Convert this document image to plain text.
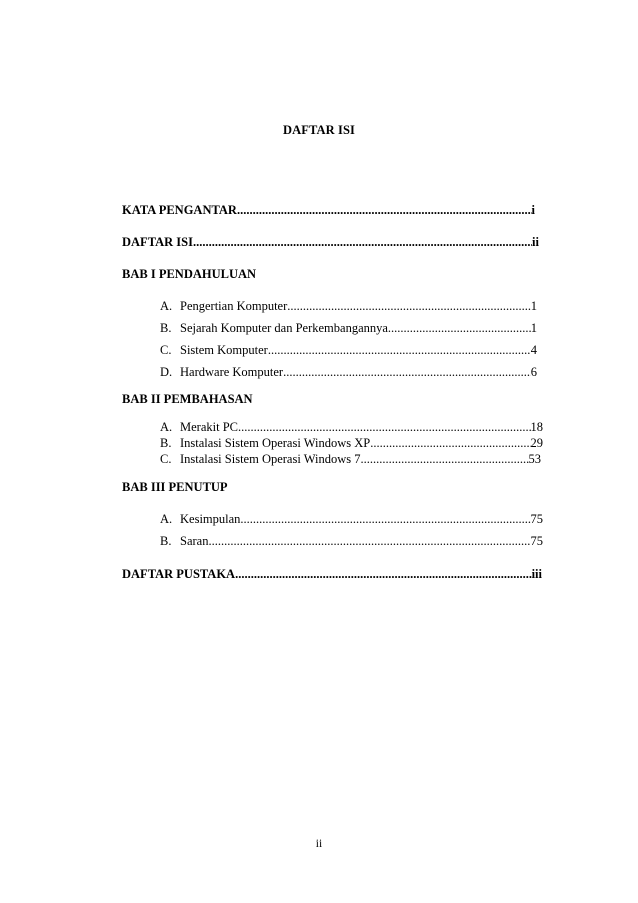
DAFTAR ISI
KATA PENGANTAR .....	i
DAFTAR ISI .....	ii
BAB I PENDAHULUAN
A. Pengertian Komputer .....	1
B. Sejarah Komputer dan Perkembangannya .....	1
C. Sistem Komputer .....	4
D. Hardware Komputer .....	6
BAB II PEMBAHASAN
A. Merakit PC .....	18
B. Instalasi Sistem Operasi Windows XP .....	29
C. Instalasi Sistem Operasi Windows 7 .....	53
BAB III PENUTUP
A. Kesimpulan .....	75
B. Saran .....	75
DAFTAR PUSTAKA .....	iii
ii
